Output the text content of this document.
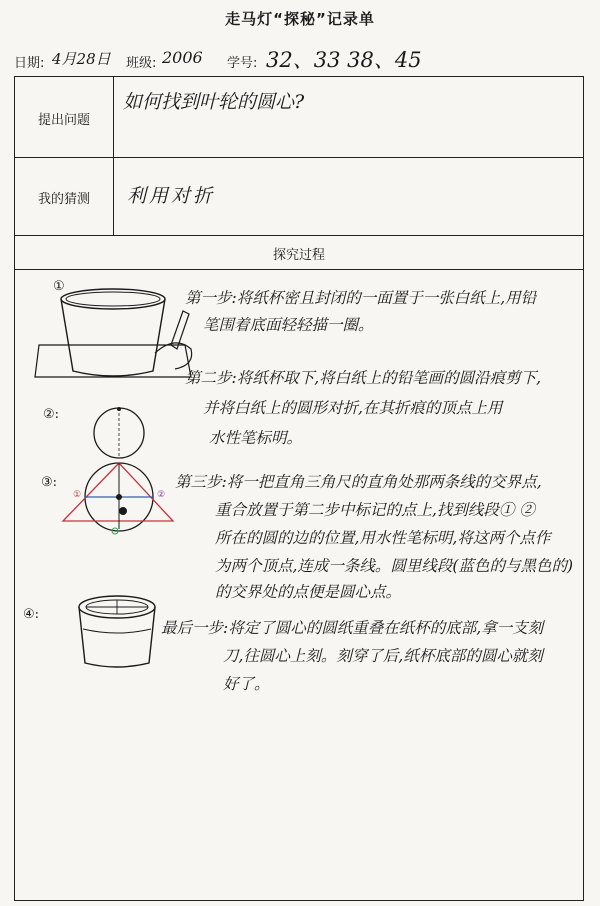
走马灯“探秘”记录单
日期: 4月28日 班级: 2006 学号: 32、33 38、45
提出问题
如何找到叶轮的圆心?
我的猜测	利用对折
探究过程
①
第一步:将纸杯密且封闭的一面置于一张白纸上,用铅
笔围着底面轻轻描一圈。
②:
第二步:将纸杯取下,将白纸上的铅笔画的圆沿痕剪下,
并将白纸上的圆形对折,在其折痕的顶点上用
水性笔标明。
③:
①	②
第三步:将一把直角三角尺的直角处那两条线的交界点,
重合放置于第二步中标记的点上,找到线段① ②
所在的圆的边的位置,用水性笔标明,将这两个点作
为两个顶点,连成一条线。圆里线段(蓝色的与黑色的)
的交界处的点便是圆心点。
④:
最后一步:将定了圆心的圆纸重叠在纸杯的底部,拿一支刻
刀,往圆心上刻。刻穿了后,纸杯底部的圆心就刻
好了。
